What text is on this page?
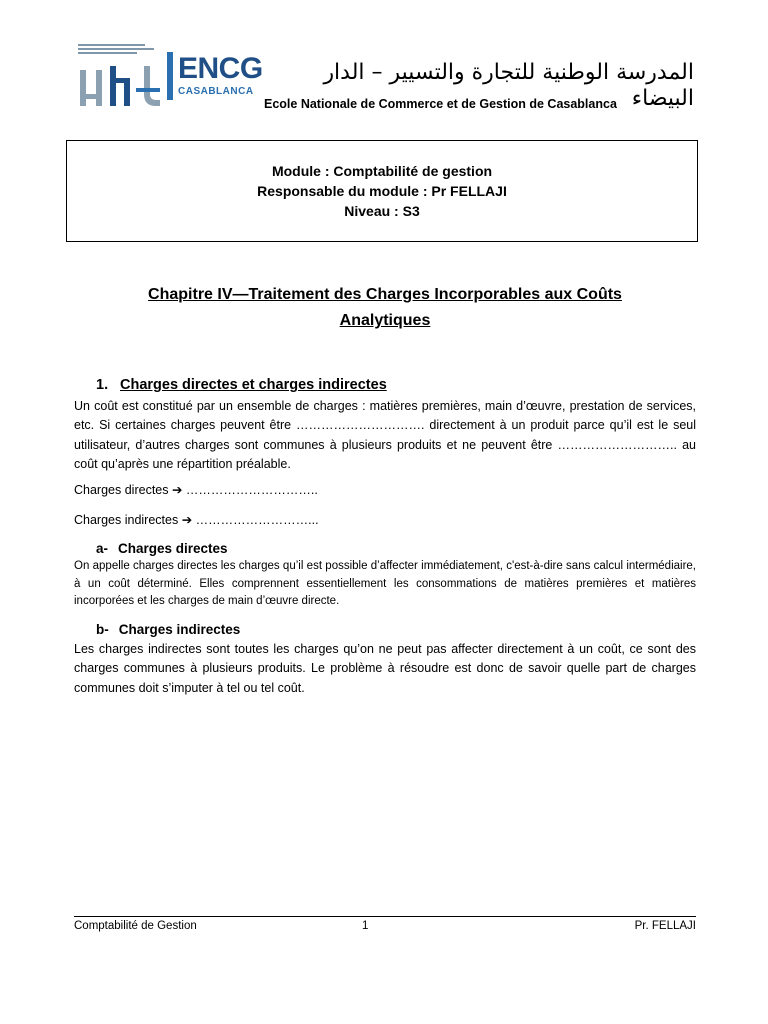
ENCG
CASABLANCA
المدرسة الوطنية للتجارة والتسيير – الدار البيضاء
Ecole Nationale de Commerce et de Gestion de Casablanca
Module : Comptabilité de gestion
Responsable du module : Pr FELLAJI
Niveau : S3
Chapitre IV—Traitement des Charges Incorporables aux Coûts
Analytiques
1. Charges directes et charges indirectes
Un coût est constitué par un ensemble de charges : matières premières, main d’œuvre, prestation de services, etc. Si certaines charges peuvent être …………………………. directement à un produit parce qu’il est le seul utilisateur, d’autres charges sont communes à plusieurs produits et ne peuvent être ……………………….. au coût qu’après une répartition préalable.
Charges directes ➔ …………………………..
Charges indirectes ➔ ………………………...
a- Charges directes
On appelle charges directes les charges qu’il est possible d’affecter immédiatement, c'est-à-dire sans calcul intermédiaire, à un coût déterminé. Elles comprennent essentiellement les consommations de matières premières et matières incorporées et les charges de main d’œuvre directe.
b- Charges indirectes
Les charges indirectes sont toutes les charges qu’on ne peut pas affecter directement à un coût, ce sont des charges communes à plusieurs produits. Le problème à résoudre est donc de savoir quelle part de charges communes doit s’imputer à tel ou tel coût.
Comptabilité de Gestion	1	Pr. FELLAJI
